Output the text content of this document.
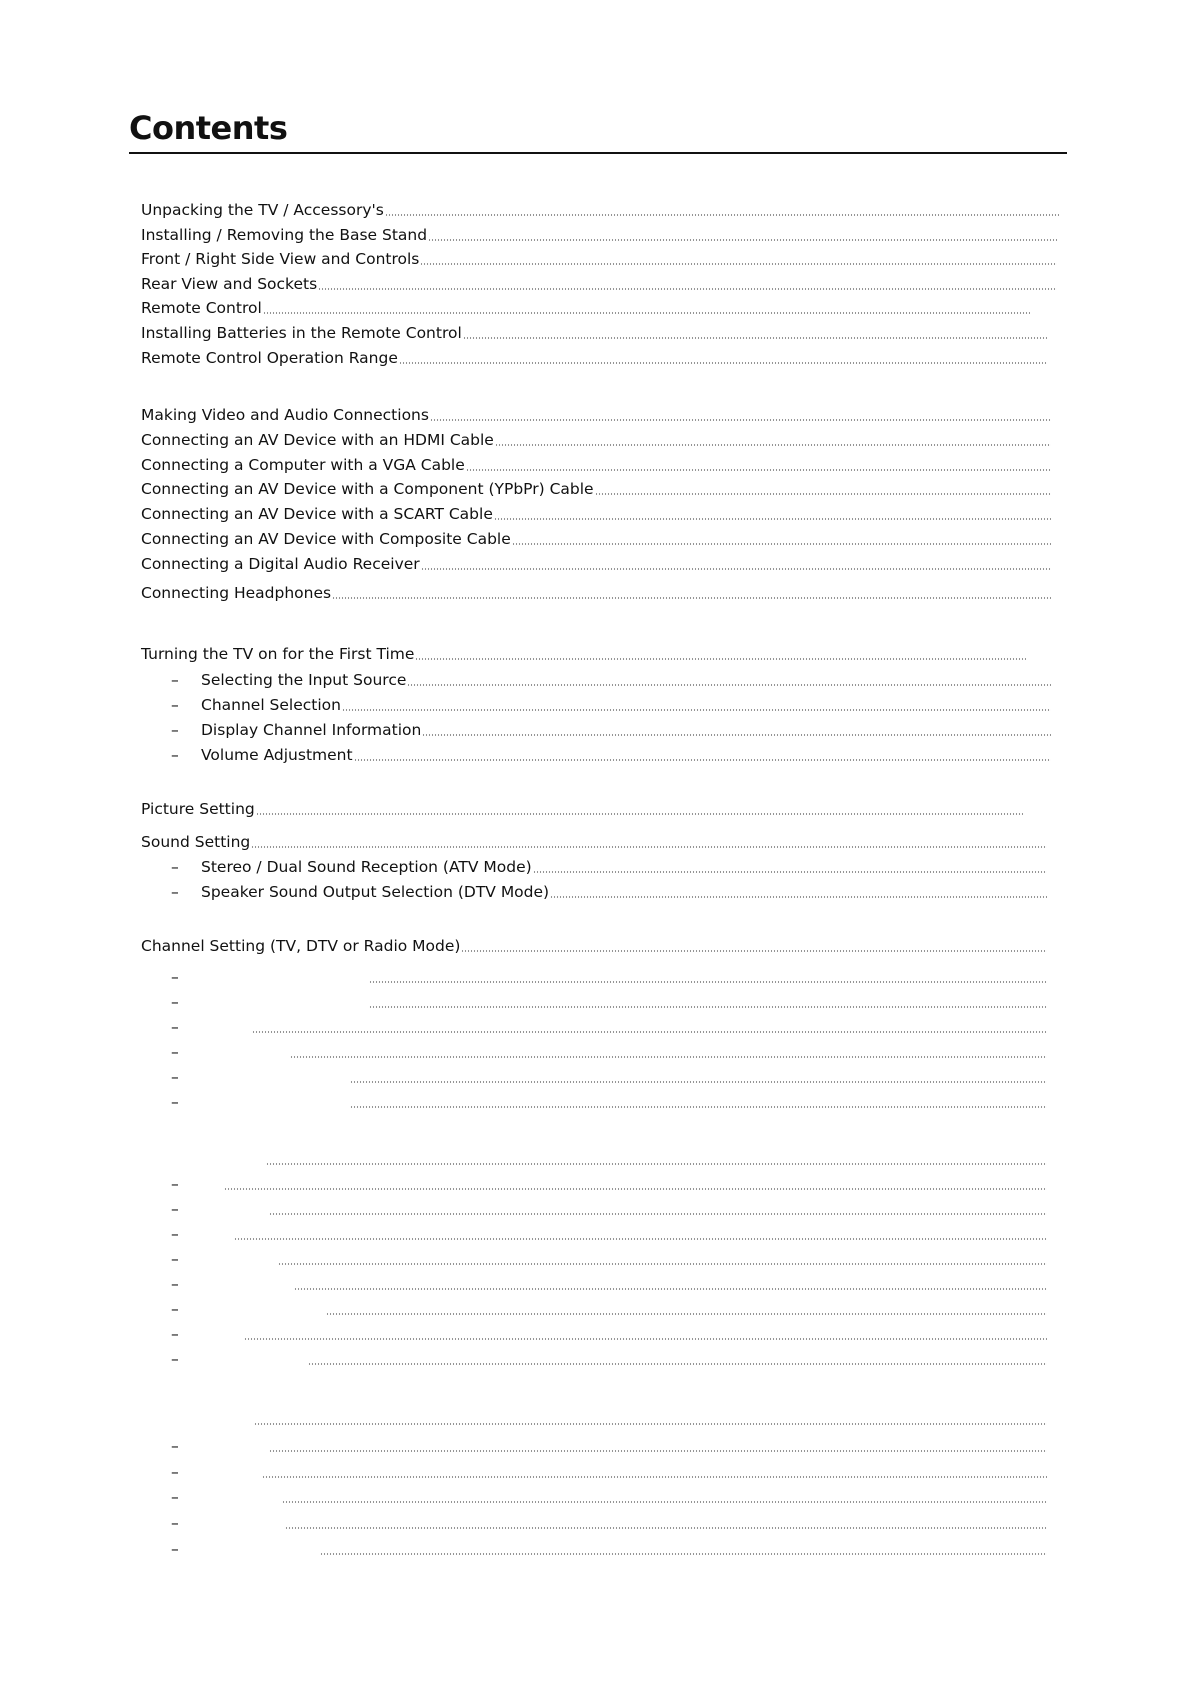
Contents
Unpacking the TV / Accessory's
Installing / Removing the Base Stand
Front / Right Side View and Controls
Rear View and Sockets
Remote Control
Installing Batteries in the Remote Control
Remote Control Operation Range
Making Video and Audio Connections
Connecting an AV Device with an HDMI Cable
Connecting a Computer with a VGA Cable
Connecting an AV Device with a Component (YPbPr) Cable
Connecting an AV Device with a SCART Cable
Connecting an AV Device with Composite Cable
Connecting a Digital Audio Receiver
Connecting Headphones
Turning the TV on for the First Time
–	Selecting the Input Source
–	Channel Selection
–	Display Channel Information
–	Volume Adjustment
Picture Setting
Sound Setting
–	Stereo / Dual Sound Reception (ATV Mode)
–	Speaker Sound Output Selection (DTV Mode)
Channel Setting (TV, DTV or Radio Mode)
–
–
–
–
–
–
–
–
–
–
–
–
–
–
–
–
–
–
–
